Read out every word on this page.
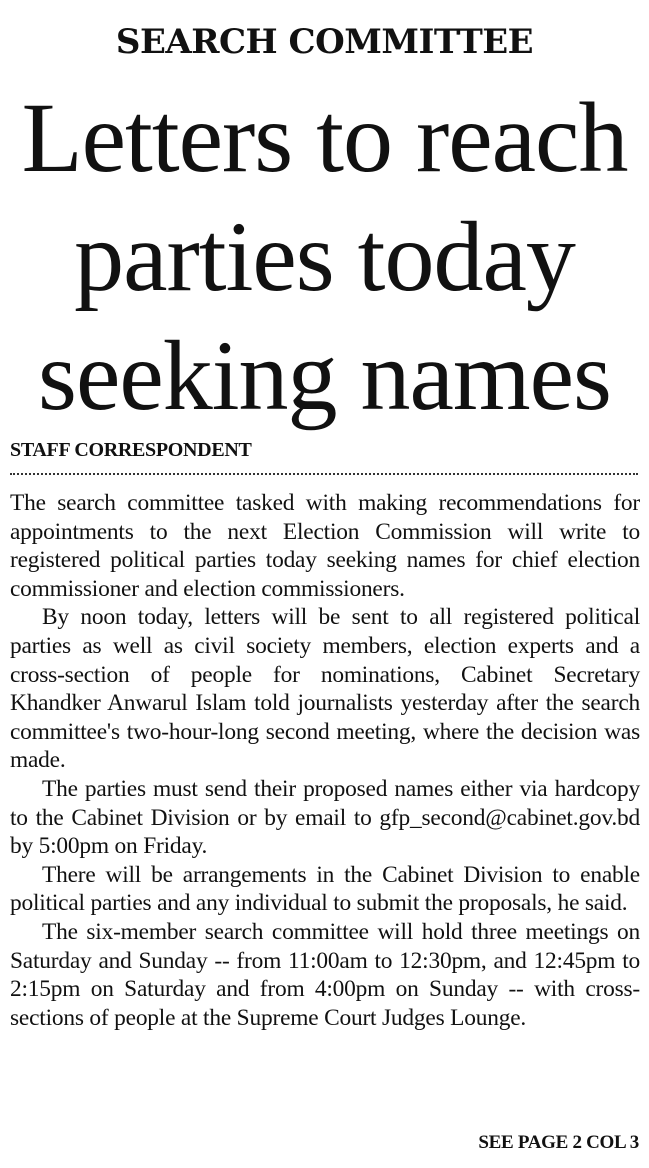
SEARCH COMMITTEE
Letters to reach
parties today
seeking names
STAFF CORRESPONDENT

The search committee tasked with making recommendations for appointments to the next Election Commission will write to registered political parties today seeking names for chief election commissioner and election commissioners.

By noon today, letters will be sent to all registered political parties as well as civil society members, election experts and a cross-section of people for nominations, Cabinet Secretary Khandker Anwarul Islam told journalists yesterday after the search committee's two-hour-long second meeting, where the decision was made.

The parties must send their proposed names either via hardcopy to the Cabinet Division or by email to gfp_second@cabinet.gov.bd by 5:00pm on Friday.

There will be arrangements in the Cabinet Division to enable political parties and any individual to submit the proposals, he said.

The six-member search committee will hold three meetings on Saturday and Sunday -- from 11:00am to 12:30pm, and 12:45pm to 2:15pm on Saturday and from 4:00pm on Sunday -- with cross-sections of people at the Supreme Court Judges Lounge.

SEE PAGE 2 COL 3
